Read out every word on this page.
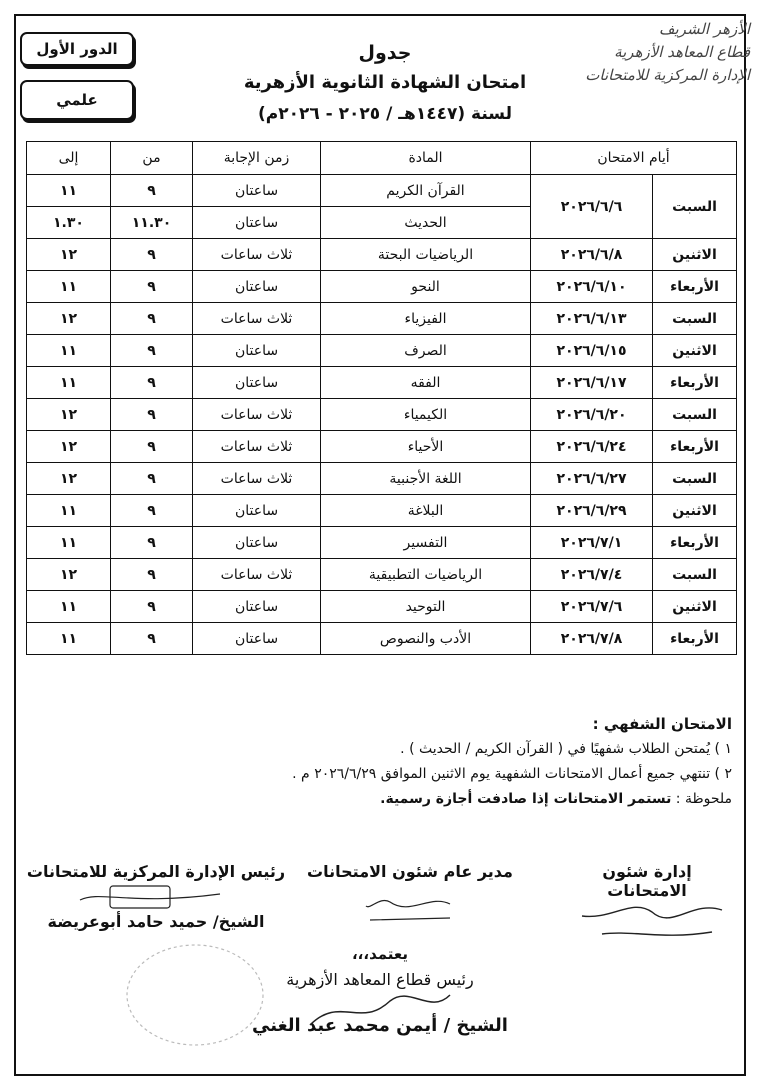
الدور الأول
علمي
جدول
امتحان الشهادة الثانوية الأزهرية
لسنة (١٤٤٧هـ / ٢٠٢٥ - ٢٠٢٦م)
الأزهر الشريف
قطاع المعاهد الأزهرية
الإدارة المركزية للامتحانات
أيام الامتحان		المادة	زمن الإجابة	من	إلى
السبت	٢٠٢٦/٦/٦	القرآن الكريم	ساعتان	٩	١١
		الحديث	ساعتان	١١.٣٠	١.٣٠
الاثنين	٢٠٢٦/٦/٨	الرياضيات البحتة	ثلاث ساعات	٩	١٢
الأربعاء	٢٠٢٦/٦/١٠	النحو	ساعتان	٩	١١
السبت	٢٠٢٦/٦/١٣	الفيزياء	ثلاث ساعات	٩	١٢
الاثنين	٢٠٢٦/٦/١٥	الصرف	ساعتان	٩	١١
الأربعاء	٢٠٢٦/٦/١٧	الفقه	ساعتان	٩	١١
السبت	٢٠٢٦/٦/٢٠	الكيمياء	ثلاث ساعات	٩	١٢
الأربعاء	٢٠٢٦/٦/٢٤	الأحياء	ثلاث ساعات	٩	١٢
السبت	٢٠٢٦/٦/٢٧	اللغة الأجنبية	ثلاث ساعات	٩	١٢
الاثنين	٢٠٢٦/٦/٢٩	البلاغة	ساعتان	٩	١١
الأربعاء	٢٠٢٦/٧/١	التفسير	ساعتان	٩	١١
السبت	٢٠٢٦/٧/٤	الرياضيات التطبيقية	ثلاث ساعات	٩	١٢
الاثنين	٢٠٢٦/٧/٦	التوحيد	ساعتان	٩	١١
الأربعاء	٢٠٢٦/٧/٨	الأدب والنصوص	ساعتان	٩	١١
الامتحان الشفهي :
١ ) يُمتحن الطلاب شفهيًا في ( القرآن الكريم / الحديث ) .
٢ ) تنتهي جميع أعمال الامتحانات الشفهية يوم الاثنين الموافق ٢٠٢٦/٦/٢٩ م .
ملحوظة : تستمر الامتحانات إذا صادفت أجازة رسمية.
إدارة شئون الامتحانات
مدير عام شئون الامتحانات
رئيس الإدارة المركزية للامتحانات
الشيخ/ حميد حامد أبوعريضة
يعتمد،،،
رئيس قطاع المعاهد الأزهرية
الشيخ / أيمن محمد عبد الغني
